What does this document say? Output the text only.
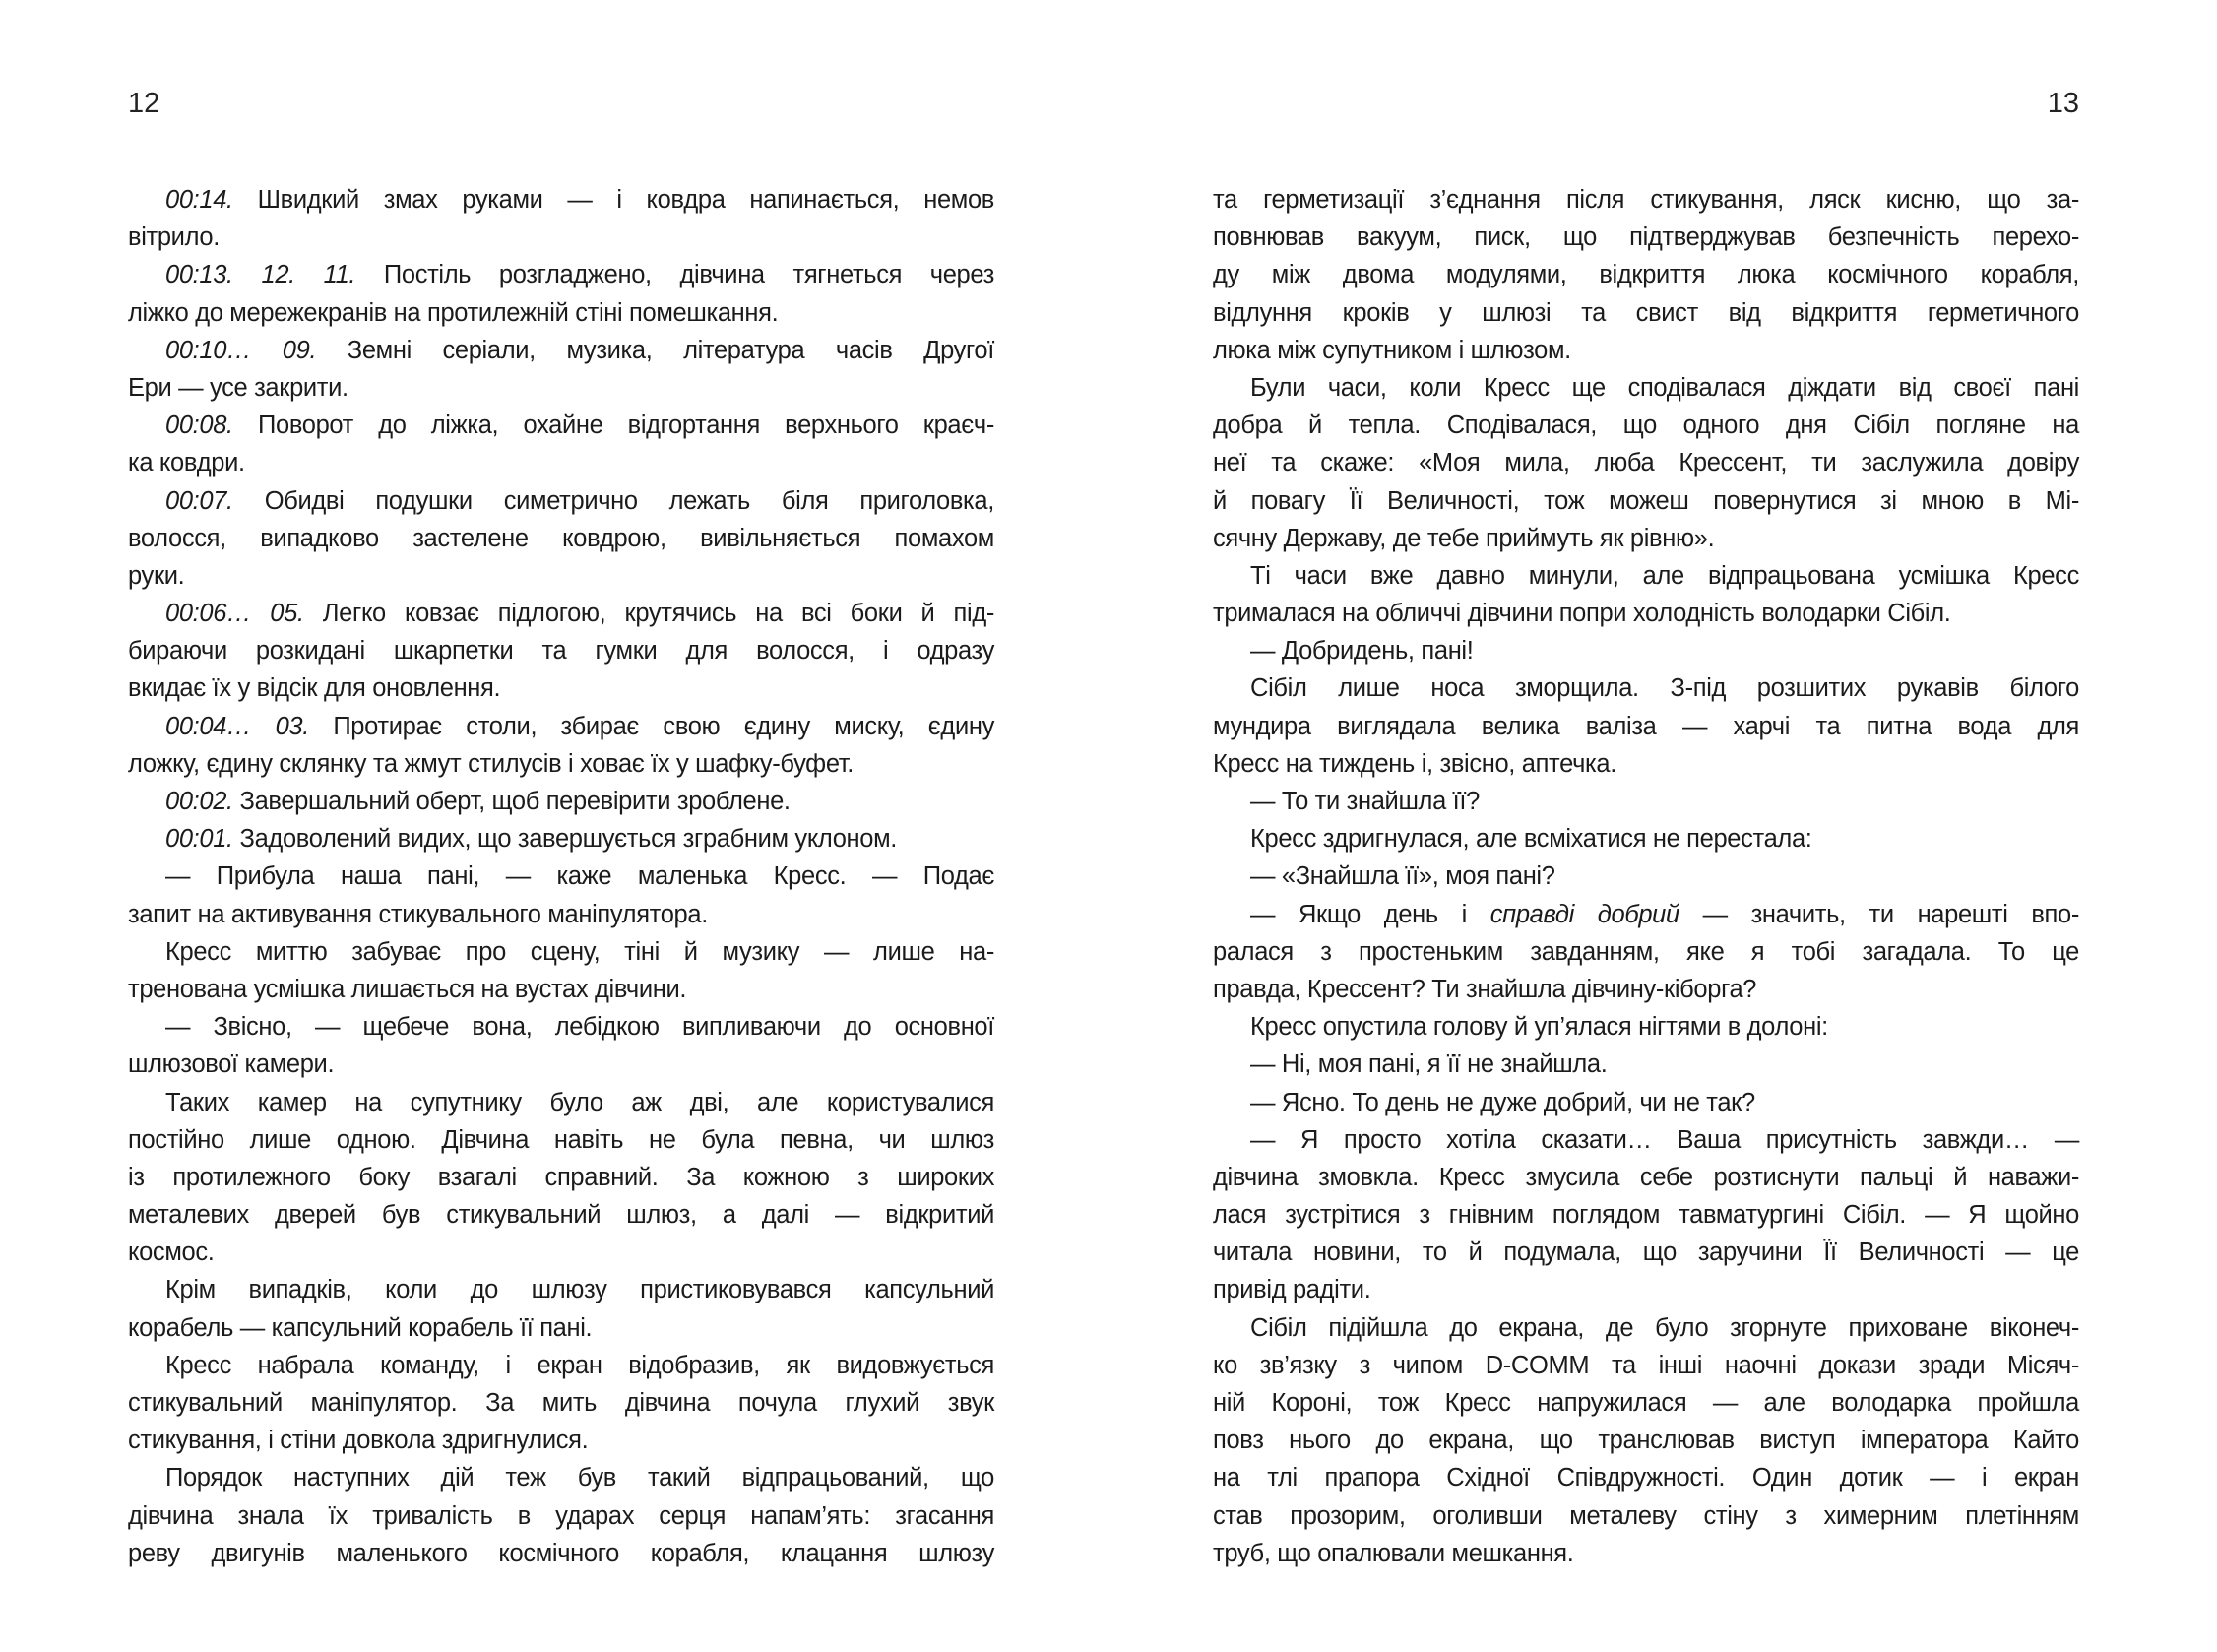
12	13
00:14. Швидкий змах руками — і ковдра напинається, немов
вітрило.
00:13. 12. 11. Постіль розгладжено, дівчина тягнеться через
ліжко до мережекранів на протилежній стіні помешкання.
00:10… 09. Земні серіали, музика, література часів Другої
Ери — усе закрити.
00:08. Поворот до ліжка, охайне відгортання верхнього краєч-
ка ковдри.
00:07. Обидві подушки симетрично лежать біля приголовка,
волосся, випадково застелене ковдрою, вивільняється помахом
руки.
00:06… 05. Легко ковзає підлогою, крутячись на всі боки й під-
бираючи розкидані шкарпетки та гумки для волосся, і одразу
вкидає їх у відсік для оновлення.
00:04… 03. Протирає столи, збирає свою єдину миску, єдину
ложку, єдину склянку та жмут стилусів і ховає їх у шафку-буфет.
00:02. Завершальний оберт, щоб перевірити зроблене.
00:01. Задоволений видих, що завершується зграбним уклоном.
— Прибула наша пані, — каже маленька Кресс. — Подає
запит на активування стикувального маніпулятора.
Кресс миттю забуває про сцену, тіні й музику — лише на-
тренована усмішка лишається на вустах дівчини.
— Звісно, — щебече вона, лебідкою випливаючи до основної
шлюзової камери.
Таких камер на супутнику було аж дві, але користувалися
постійно лише одною. Дівчина навіть не була певна, чи шлюз
із протилежного боку взагалі справний. За кожною з широких
металевих дверей був стикувальний шлюз, а далі — відкритий
космос.
Крім випадків, коли до шлюзу пристиковувався капсульний
корабель — капсульний корабель її пані.
Кресс набрала команду, і екран відобразив, як видовжується
стикувальний маніпулятор. За мить дівчина почула глухий звук
стикування, і стіни довкола здригнулися.
Порядок наступних дій теж був такий відпрацьований, що
дівчина знала їх тривалість в ударах серця напам’ять: згасання
реву двигунів маленького космічного корабля, клацання шлюзу
та герметизації з’єднання після стикування, ляск кисню, що за-
повнював вакуум, писк, що підтверджував безпечність перехо-
ду між двома модулями, відкриття люка космічного корабля,
відлуння кроків у шлюзі та свист від відкриття герметичного
люка між супутником і шлюзом.
Були часи, коли Кресс ще сподівалася діждати від своєї пані
добра й тепла. Сподівалася, що одного дня Сібіл погляне на
неї та скаже: «Моя мила, люба Крессент, ти заслужила довіру
й повагу Її Величності, тож можеш повернутися зі мною в Мі-
сячну Державу, де тебе приймуть як рівню».
Ті часи вже давно минули, але відпрацьована усмішка Кресс
трималася на обличчі дівчини попри холодність володарки Сібіл.
— Добридень, пані!
Сібіл лише носа зморщила. З-під розшитих рукавів білого
мундира виглядала велика валіза — харчі та питна вода для
Кресс на тиждень і, звісно, аптечка.
— То ти знайшла її?
Кресс здригнулася, але всміхатися не перестала:
— «Знайшла її», моя пані?
— Якщо день і справді добрий — значить, ти нарешті впо-
ралася з простеньким завданням, яке я тобі загадала. То це
правда, Крессент? Ти знайшла дівчину-кіборга?
Кресс опустила голову й уп’ялася нігтями в долоні:
— Ні, моя пані, я її не знайшла.
— Ясно. То день не дуже добрий, чи не так?
— Я просто хотіла сказати… Ваша присутність завжди… —
дівчина змовкла. Кресс змусила себе розтиснути пальці й наважи-
лася зустрітися з гнівним поглядом тавматургині Сібіл. — Я щойно
читала новини, то й подумала, що заручини Її Величності — це
привід радіти.
Сібіл підійшла до екрана, де було згорнуте приховане віконеч-
ко зв’язку з чипом D-COMM та інші наочні докази зради Місяч-
ній Короні, тож Кресс напружилася — але володарка пройшла
повз нього до екрана, що транслював виступ імператора Кайто
на тлі прапора Східної Співдружності. Один дотик — і екран
став прозорим, оголивши металеву стіну з химерним плетінням
труб, що опалювали мешкання.
